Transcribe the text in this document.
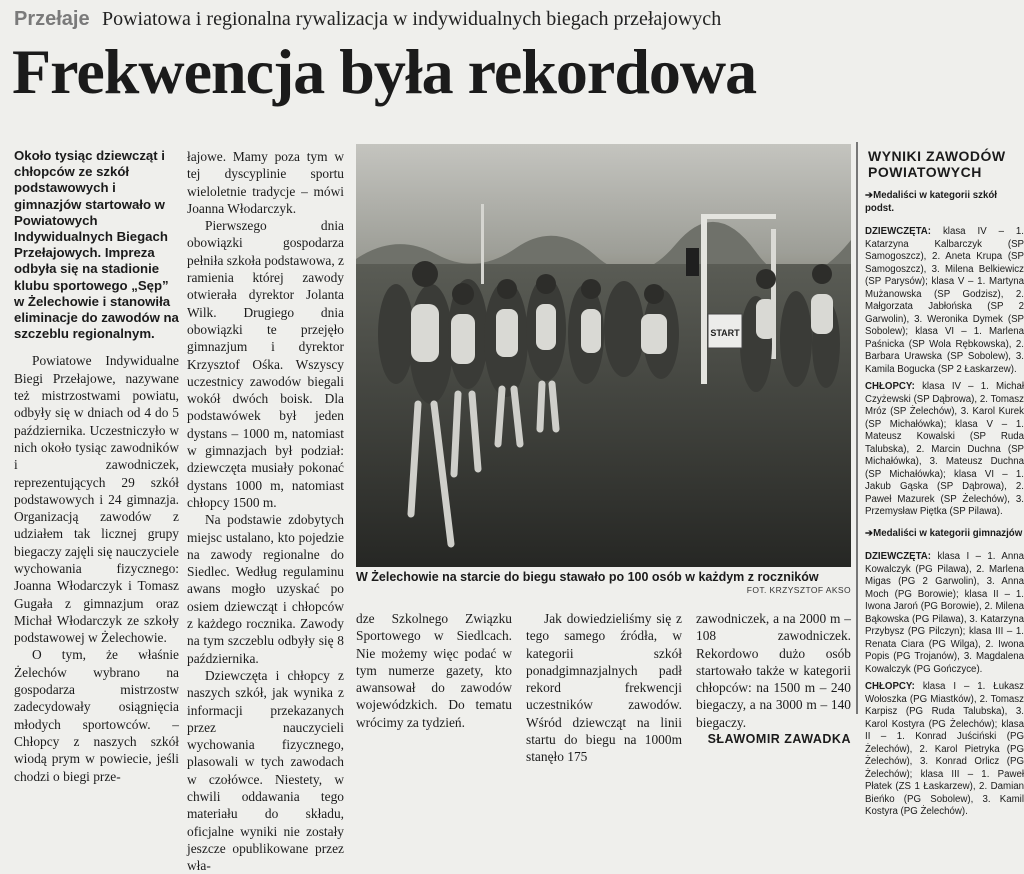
Przełaje Powiatowa i regionalna rywalizacja w indywidualnych biegach przełajowych
Frekwencja była rekordowa

Około tysiąc dziewcząt i chłopców ze szkół podstawowych i gimnazjów startowało w Powiatowych Indywidualnych Biegach Przełajowych. Impreza odbyła się na stadionie klubu sportowego „Sęp” w Żelechowie i stanowiła eliminacje do zawodów na szczeblu regionalnym.

Powiatowe Indywidualne Biegi Przełajowe, nazywane też mistrzostwami powiatu, odbyły się w dniach od 4 do 5 października. Uczestniczyło w nich około tysiąc zawodników i zawodniczek, reprezentujących 29 szkół podstawowych i 24 gimnazja. Organizacją zawodów z udziałem tak licznej grupy biegaczy zajęli się nauczyciele wychowania fizycznego: Joanna Włodarczyk i Tomasz Gugała z gimnazjum oraz Michał Włodarczyk ze szkoły podstawowej w Żelechowie.

O tym, że właśnie Żelechów wybrano na gospodarza mistrzostw zadecydowały osiągnięcia młodych sportowców. – Chłopcy z naszych szkół wiodą prym w powiecie, jeśli chodzi o biegi prze-

łajowe. Mamy poza tym w tej dyscyplinie sportu wieloletnie tradycje – mówi Joanna Włodarczyk.

Pierwszego dnia obowiązki gospodarza pełniła szkoła podstawowa, z ramienia której zawody otwierała dyrektor Jolanta Wilk. Drugiego dnia obowiązki te przejęło gimnazjum i dyrektor Krzysztof Ośka. Wszyscy uczestnicy zawodów biegali wokół dwóch boisk. Dla podstawówek był jeden dystans – 1000 m, natomiast w gimnazjach był podział: dziewczęta musiały pokonać dystans 1000 m, natomiast chłopcy 1500 m.

Na podstawie zdobytych miejsc ustalano, kto pojedzie na zawody regionalne do Siedlec. Według regulaminu awans mogło uzyskać po osiem dziewcząt i chłopców z każdego rocznika. Zawody na tym szczeblu odbyły się 8 października.

Dziewczęta i chłopcy z naszych szkół, jak wynika z informacji przekazanych przez nauczycieli wychowania fizycznego, plasowali w tych zawodach w czołówce. Niestety, w chwili oddawania tego materiału do składu, oficjalne wyniki nie zostały jeszcze opublikowane przez wła-

dze Szkolnego Związku Sportowego w Siedlcach. Nie możemy więc podać w tym numerze gazety, kto awansował do zawodów wojewódzkich. Do tematu wrócimy za tydzień.

Jak dowiedzieliśmy się z tego samego źródła, w kategorii szkół ponadgimnazjalnych padł rekord frekwencji uczestników zawodów. Wśród dziewcząt na linii startu do biegu na 1000m stanęło 175

zawodniczek, a na 2000 m – 108 zawodniczek. Rekordowo dużo osób startowało także w kategorii chłopców: na 1500 m – 240 biegaczy, a na 3000 m – 140 biegaczy.

SŁAWOMIR ZAWADKA

START
W Żelechowie na starcie do biegu stawało po 100 osób w każdym z roczników
FOT. KRZYSZTOF AKSO
WYNIKI ZAWODÓW POWIATOWYCH

➔Medaliści w kategorii szkół podst.

DZIEWCZĘTA: klasa IV – 1. Katarzyna Kalbarczyk (SP Samogoszcz), 2. Aneta Krupa (SP Samogoszcz), 3. Milena Belkiewicz (SP Parysów); klasa V – 1. Martyna Mużanowska (SP Godzisz), 2. Małgorzata Jabłońska (SP 2 Garwolin), 3. Weronika Dymek (SP Sobolew); klasa VI – 1. Marlena Paśnicka (SP Wola Rębkowska), 2. Barbara Urawska (SP Sobolew), 3. Kamila Bogucka (SP 2 Łaskarzew).

CHŁOPCY: klasa IV – 1. Michał Czyżewski (SP Dąbrowa), 2. Tomasz Mróz (SP Żelechów), 3. Karol Kurek (SP Michałówka); klasa V – 1. Mateusz Kowalski (SP Ruda Talubska), 2. Marcin Duchna (SP Michałówka), 3. Mateusz Duchna (SP Michałówka); klasa VI – 1. Jakub Gąska (SP Dąbrowa), 2. Paweł Mazurek (SP Żelechów), 3. Przemysław Piętka (SP Pilawa).

➔Medaliści w kategorii gimnazjów

DZIEWCZĘTA: klasa I – 1. Anna Kowalczyk (PG Pilawa), 2. Marlena Migas (PG 2 Garwolin), 3. Anna Moch (PG Borowie); klasa II – 1. Iwona Jaroń (PG Borowie), 2. Milena Bąkowska (PG Pilawa), 3. Katarzyna Przybysz (PG Pilczyn); klasa III – 1. Renata Ciara (PG Wilga), 2. Iwona Popis (PG Trojanów), 3. Magdalena Kowalczyk (PG Gończyce).

CHŁOPCY: klasa I – 1. Łukasz Wołoszka (PG Miastków), 2. Tomasz Karpisz (PG Ruda Talubska), 3. Karol Kostyra (PG Żelechów); klasa II – 1. Konrad Juściński (PG Żelechów), 2. Karol Pietryka (PG Żelechów), 3. Konrad Orlicz (PG Żelechów); klasa III – 1. Paweł Płatek (ZS 1 Łaskarzew), 2. Damian Bieńko (PG Sobolew), 3. Kamil Kostyra (PG Żelechów).
